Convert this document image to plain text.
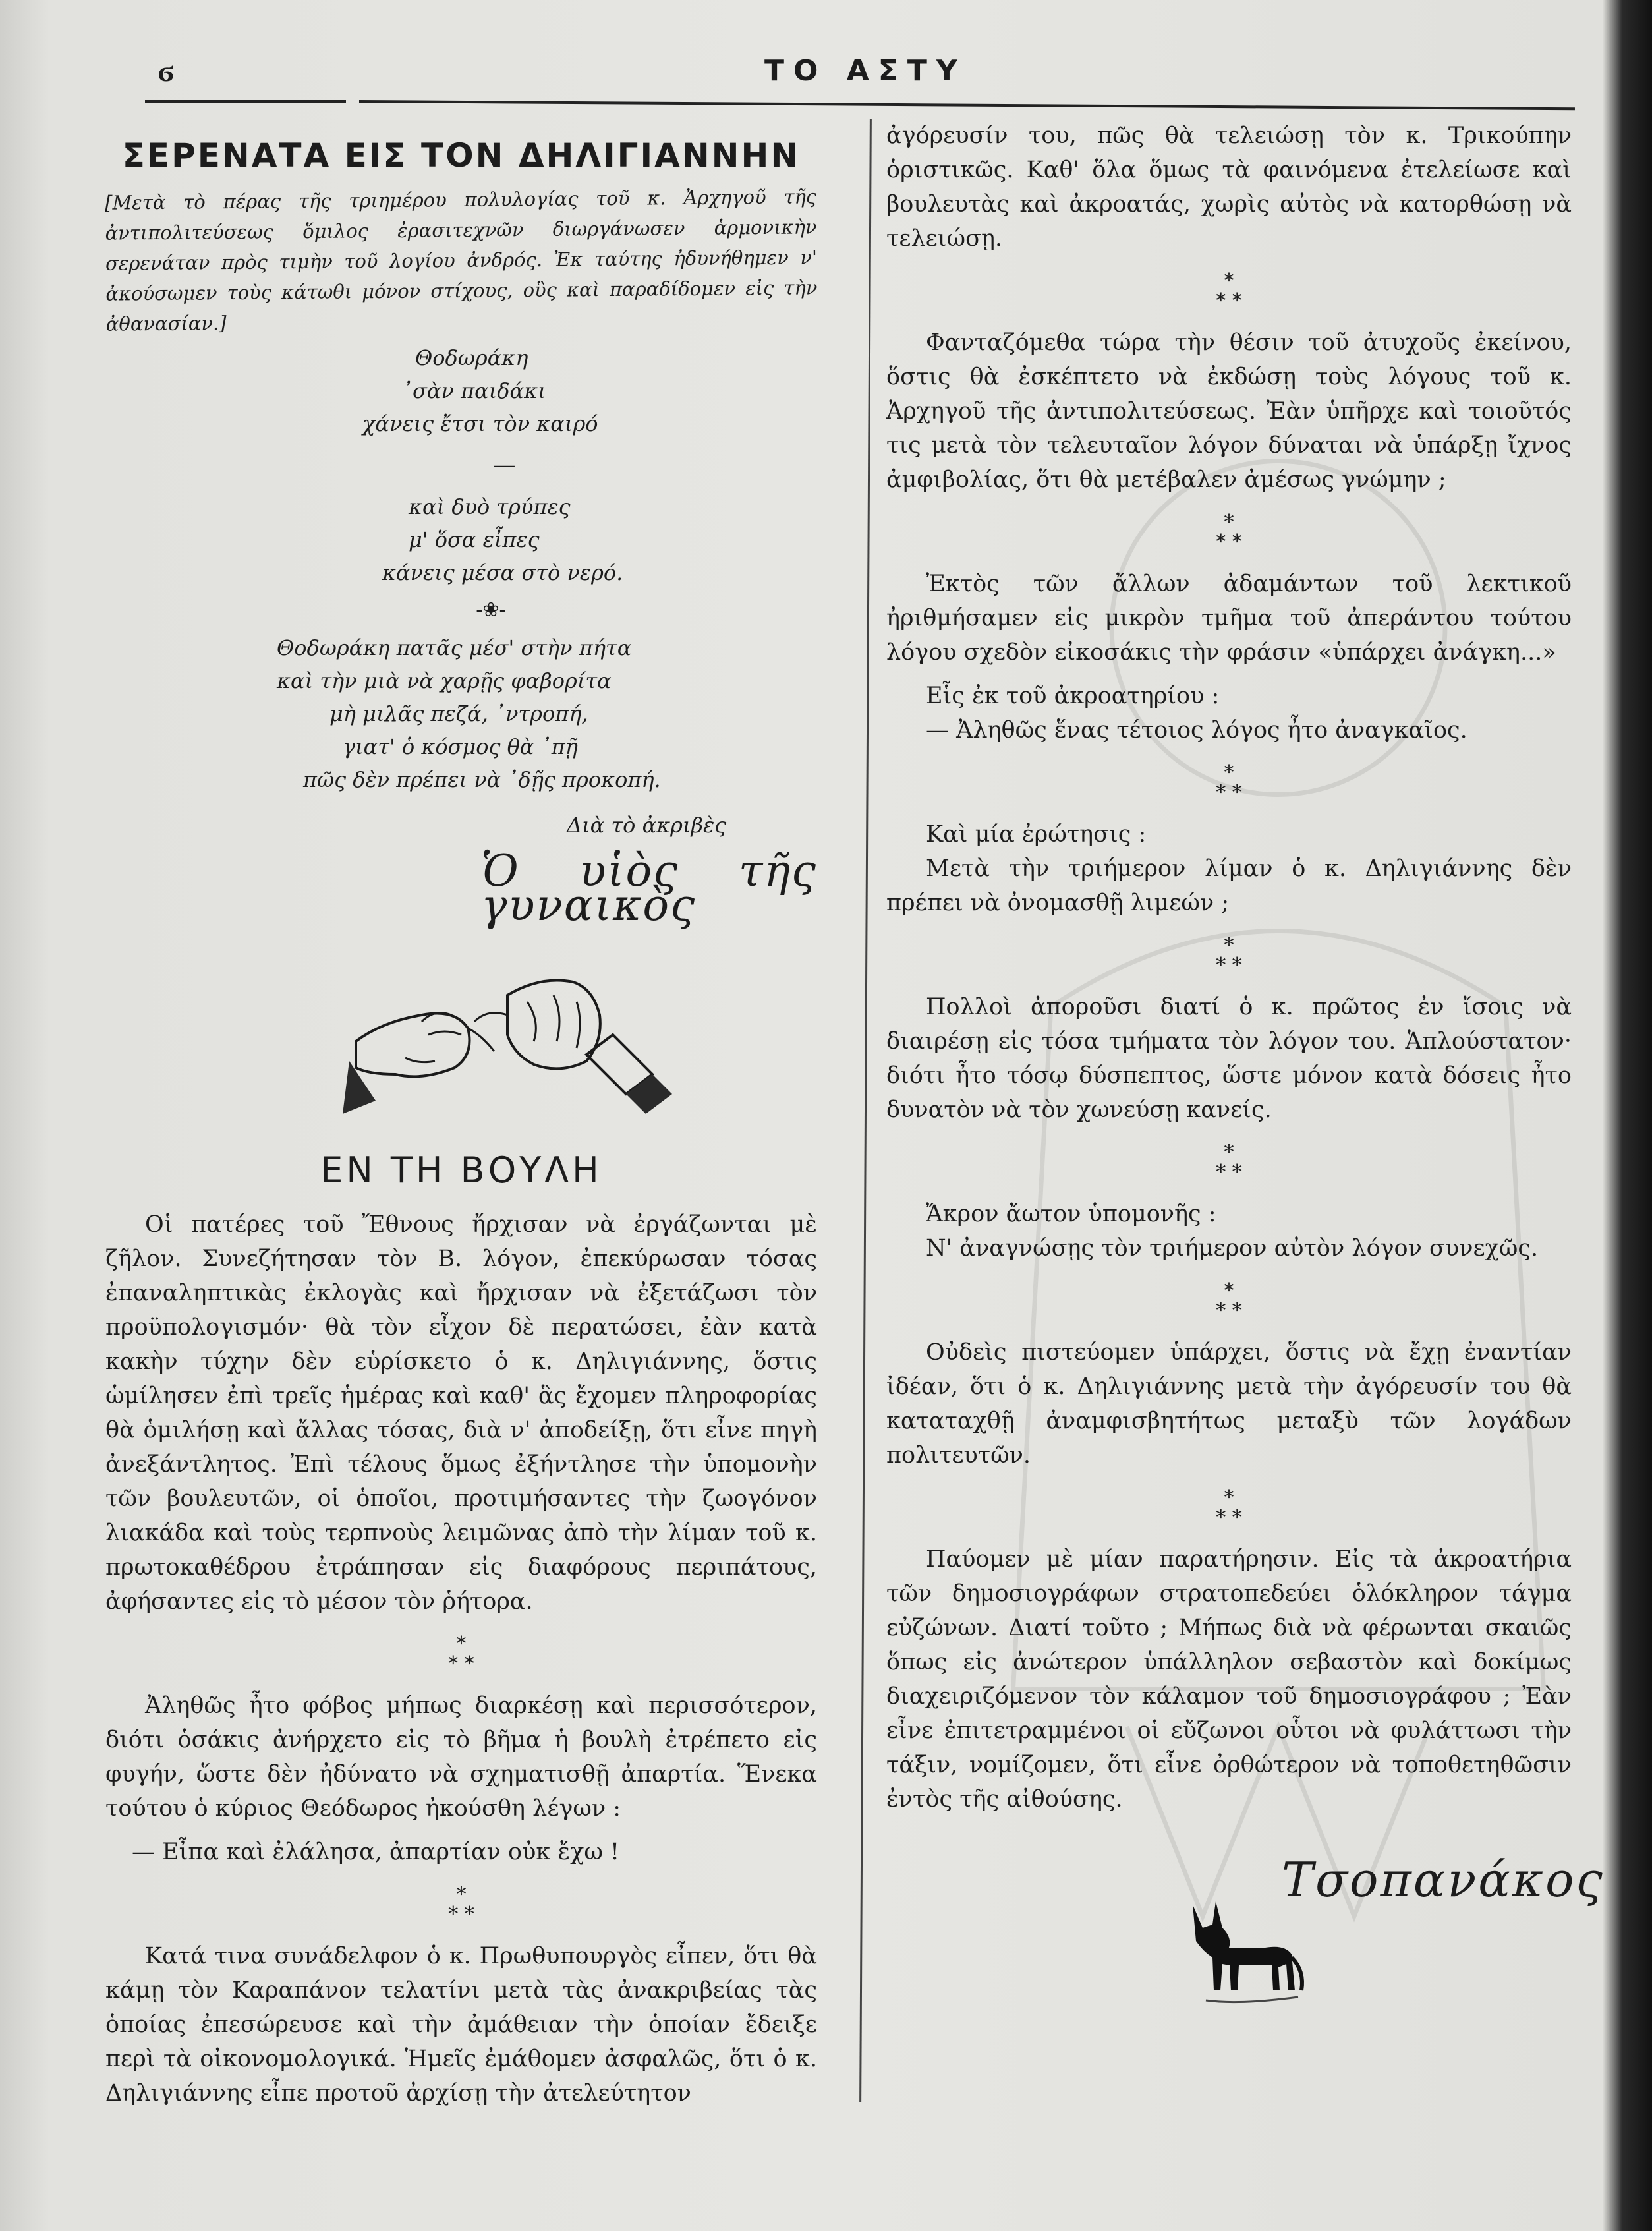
ϭ	ΤΟ ΑΣΤΥ
ΣΕΡΕΝΑΤΑ ΕΙΣ ΤΟΝ ΔΗΛΙΓΙΑΝΝΗΝ
[Μετὰ τὸ πέρας τῆς τριημέρου πολυλογίας τοῦ κ. Ἀρχηγοῦ τῆς ἀντιπολιτεύσεως ὅμιλος ἐρασιτεχνῶν διωργάνωσεν ἁρμονικὴν σερενάταν πρὸς τιμὴν τοῦ λογίου ἀνδρός. Ἐκ ταύτης ἠδυνήθημεν ν' ἀκούσωμεν τοὺς κάτωθι μόνον στίχους, οὓς καὶ παραδίδομεν εἰς τὴν ἀθανασίαν.]

Θοδωράκη

᾽σὰν παιδάκι

χάνεις ἔτσι τὸν καιρό

—

καὶ δυὸ τρύπες

μ' ὅσα εἶπες

κάνεις μέσα στὸ νερό.

-❀-

Θοδωράκη πατᾶς μέσ' στὴν πήτα

καὶ τὴν μιὰ νὰ χαρῇς φαβορίτα

μὴ μιλᾶς πεζά, ᾽ντροπή,

γιατ' ὁ κόσμος θὰ ᾽πῇ

πῶς δὲν πρέπει νὰ ᾽δῇς προκοπή.

Διὰ τὸ ἀκριβὲς
Ὁ υἱὸς τῆς γυναικὸς
ΕΝ ΤΗ ΒΟΥΛΗ

Οἱ πατέρες τοῦ Ἔθνους ἤρχισαν νὰ ἐργάζωνται μὲ ζῆλον. Συνεζήτησαν τὸν Β. λόγον, ἐπεκύρωσαν τόσας ἐπαναληπτικὰς ἐκλογὰς καὶ ἤρχισαν νὰ ἐξετάζωσι τὸν προϋπολογισμόν· θὰ τὸν εἶχον δὲ περατώσει, ἐὰν κατὰ κακὴν τύχην δὲν εὑρίσκετο ὁ κ. Δηλιγιάννης, ὅστις ὡμίλησεν ἐπὶ τρεῖς ἡμέρας καὶ καθ' ἃς ἔχομεν πληροφορίας θὰ ὁμιλήσῃ καὶ ἄλλας τόσας, διὰ ν' ἀποδείξῃ, ὅτι εἶνε πηγὴ ἀνεξάντλητος. Ἐπὶ τέλους ὅμως ἐξήντλησε τὴν ὑπομονὴν τῶν βουλευτῶν, οἱ ὁποῖοι, προτιμήσαντες τὴν ζωογόνον λιακάδα καὶ τοὺς τερπνοὺς λειμῶνας ἀπὸ τὴν λίμαν τοῦ κ. πρωτοκαθέδρου ἐτράπησαν εἰς διαφόρους περιπάτους, ἀφήσαντες εἰς τὸ μέσον τὸν ῥήτορα.

*
* *

Ἀληθῶς ἦτο φόβος μήπως διαρκέσῃ καὶ περισσότερον, διότι ὁσάκις ἀνήρχετο εἰς τὸ βῆμα ἡ βουλὴ ἐτρέπετο εἰς φυγήν, ὥστε δὲν ἠδύνατο νὰ σχηματισθῇ ἀπαρτία. Ἕνεκα τούτου ὁ κύριος Θεόδωρος ἠκούσθη λέγων :

— Εἶπα καὶ ἐλάλησα, ἀπαρτίαν οὐκ ἔχω !

*
* *

Κατά τινα συνάδελφον ὁ κ. Πρωθυπουργὸς εἶπεν, ὅτι θὰ κάμῃ τὸν Καραπάνον τελατίνι μετὰ τὰς ἀνακριβείας τὰς ὁποίας ἐπεσώρευσε καὶ τὴν ἀμάθειαν τὴν ὁποίαν ἔδειξε περὶ τὰ οἰκονομολογικά. Ἡμεῖς ἐμάθομεν ἀσφαλῶς, ὅτι ὁ κ. Δηλιγιάννης εἶπε προτοῦ ἀρχίσῃ τὴν ἀτελεύτητον

ἀγόρευσίν του, πῶς θὰ τελειώσῃ τὸν κ. Τρικούπην ὁριστικῶς. Καθ' ὅλα ὅμως τὰ φαινόμενα ἐτελείωσε καὶ βουλευτὰς καὶ ἀκροατάς, χωρὶς αὐτὸς νὰ κατορθώσῃ νὰ τελειώσῃ.

*
* *

Φανταζόμεθα τώρα τὴν θέσιν τοῦ ἀτυχοῦς ἐκείνου, ὅστις θὰ ἐσκέπτετο νὰ ἐκδώσῃ τοὺς λόγους τοῦ κ. Ἀρχηγοῦ τῆς ἀντιπολιτεύσεως. Ἐὰν ὑπῆρχε καὶ τοιοῦτός τις μετὰ τὸν τελευταῖον λόγον δύναται νὰ ὑπάρξῃ ἴχνος ἀμφιβολίας, ὅτι θὰ μετέβαλεν ἀμέσως γνώμην ;

*
* *

Ἐκτὸς τῶν ἄλλων ἀδαμάντων τοῦ λεκτικοῦ ἠριθμήσαμεν εἰς μικρὸν τμῆμα τοῦ ἀπεράντου τούτου λόγου σχεδὸν εἰκοσάκις τὴν φράσιν «ὑπάρχει ἀνάγκη...»

Εἷς ἐκ τοῦ ἀκροατηρίου :

— Ἀληθῶς ἕνας τέτοιος λόγος ἦτο ἀναγκαῖος.

*
* *

Καὶ μία ἐρώτησις :

Μετὰ τὴν τριήμερον λίμαν ὁ κ. Δηλιγιάννης δὲν πρέπει νὰ ὀνομασθῇ λιμεών ;

*
* *

Πολλοὶ ἀποροῦσι διατί ὁ κ. πρῶτος ἐν ἴσοις νὰ διαιρέσῃ εἰς τόσα τμήματα τὸν λόγον του. Ἁπλούστατον· διότι ἦτο τόσῳ δύσπεπτος, ὥστε μόνον κατὰ δόσεις ἦτο δυνατὸν νὰ τὸν χωνεύσῃ κανείς.

*
* *

Ἄκρον ἄωτον ὑπομονῆς :

Ν' ἀναγνώσῃς τὸν τριήμερον αὐτὸν λόγον συνεχῶς.

*
* *

Οὐδεὶς πιστεύομεν ὑπάρχει, ὅστις νὰ ἔχῃ ἐναντίαν ἰδέαν, ὅτι ὁ κ. Δηλιγιάννης μετὰ τὴν ἀγόρευσίν του θὰ καταταχθῇ ἀναμφισβητήτως μεταξὺ τῶν λογάδων πολιτευτῶν.

*
* *

Παύομεν μὲ μίαν παρατήρησιν. Εἰς τὰ ἀκροατήρια τῶν δημοσιογράφων στρατοπεδεύει ὁλόκληρον τάγμα εὐζώνων. Διατί τοῦτο ; Μήπως διὰ νὰ φέρωνται σκαιῶς ὅπως εἰς ἀνώτερον ὑπάλληλον σεβαστὸν καὶ δοκίμως διαχειριζόμενον τὸν κάλαμον τοῦ δημοσιογράφου ; Ἐὰν εἶνε ἐπιτετραμμένοι οἱ εὔζωνοι οὗτοι νὰ φυλάττωσι τὴν τάξιν, νομίζομεν, ὅτι εἶνε ὀρθώτερον νὰ τοποθετηθῶσιν ἐντὸς τῆς αἰθούσης.

Τσοπανάκος
